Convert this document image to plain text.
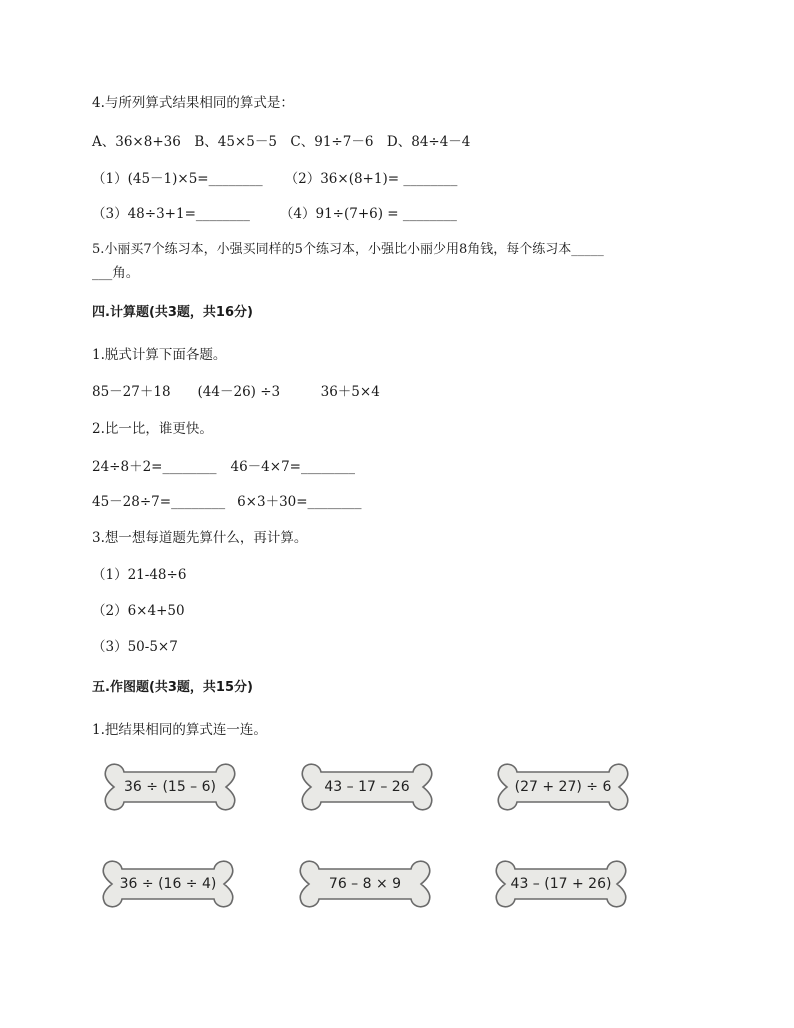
4.与所列算式结果相同的算式是：
A、36×8+36　B、45×5－5　C、91÷7－6　D、84÷4－4
（1）(45－1)×5=________ （2）36×(8+1)= ________
（3）48÷3+1=________ （4）91÷(7+6) = ________
5.小丽买7个练习本，小强买同样的5个练习本，小强比小丽少用8角钱，每个练习本_____
___角。
四.计算题(共3题，共16分)
1.脱式计算下面各题。
85－27＋18　　(44－26) ÷3　　　36＋5×4
2.比一比，谁更快。
24÷8＋2=________ 46－4×7=________
45－28÷7=________ 6×3＋30=________
3.想一想每道题先算什么，再计算。
（1）21-48÷6
（2）6×4+50
（3）50-5×7
五.作图题(共3题，共15分)
1.把结果相同的算式连一连。
36 ÷ (15 – 6)	43 – 17 – 26	(27 + 27) ÷ 6
36 ÷ (16 ÷ 4)	76 – 8 × 9	43 – (17 + 26)
